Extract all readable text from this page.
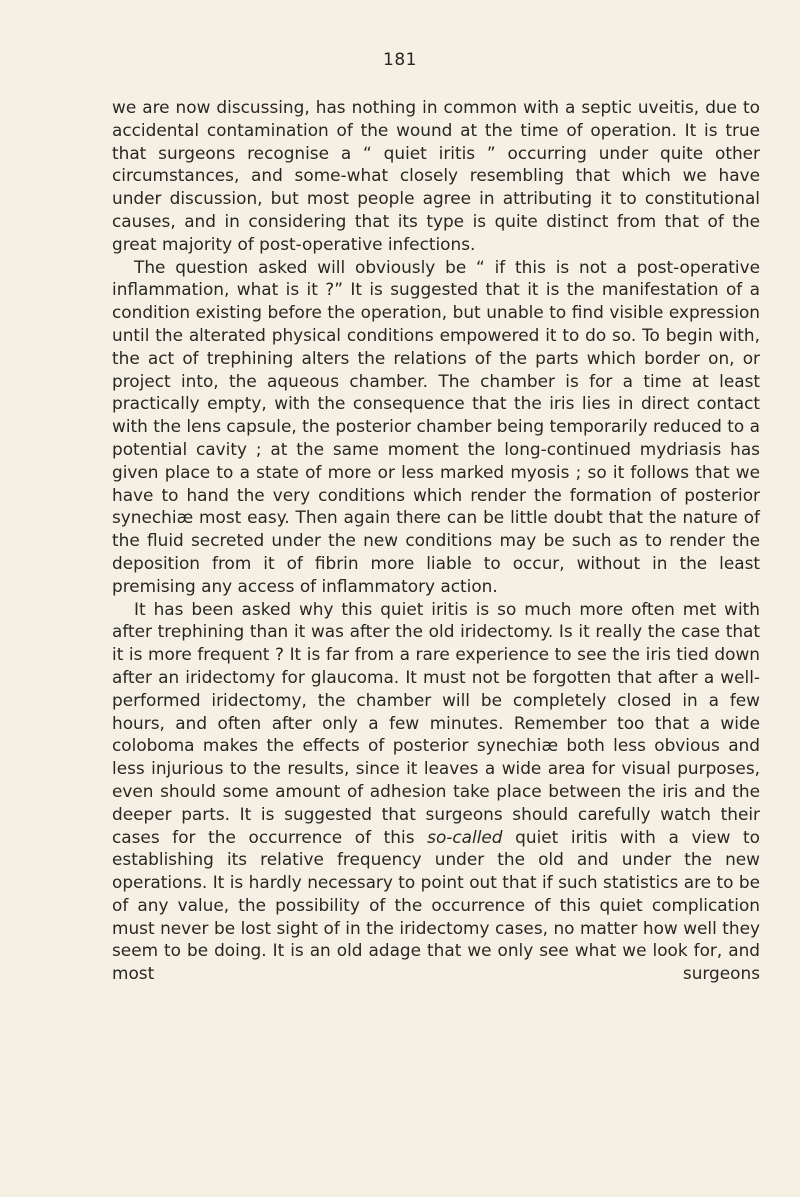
181

we are now discussing, has nothing in common with a septic uveitis, due to accidental contamination of the wound at the time of operation. It is true that surgeons recognise a “ quiet iritis ” occurring under quite other circumstances, and some-what closely resembling that which we have under discussion, but most people agree in attributing it to constitutional causes, and in considering that its type is quite distinct from that of the great majority of post-operative infections.

The question asked will obviously be “ if this is not a post-operative inflammation, what is it ?” It is suggested that it is the manifestation of a condition existing before the operation, but unable to find visible expression until the alterated physical conditions empowered it to do so. To begin with, the act of trephining alters the relations of the parts which border on, or project into, the aqueous chamber. The chamber is for a time at least practically empty, with the consequence that the iris lies in direct contact with the lens capsule, the posterior chamber being temporarily reduced to a potential cavity ; at the same moment the long-continued mydriasis has given place to a state of more or less marked myosis ; so it follows that we have to hand the very conditions which render the formation of posterior synechiæ most easy. Then again there can be little doubt that the nature of the fluid secreted under the new conditions may be such as to render the deposition from it of fibrin more liable to occur, without in the least premising any access of inflammatory action.

It has been asked why this quiet iritis is so much more often met with after trephining than it was after the old iridectomy. Is it really the case that it is more frequent ? It is far from a rare experience to see the iris tied down after an iridectomy for glaucoma. It must not be forgotten that after a well-performed iridectomy, the chamber will be completely closed in a few hours, and often after only a few minutes. Remember too that a wide coloboma makes the effects of posterior synechiæ both less obvious and less injurious to the results, since it leaves a wide area for visual purposes, even should some amount of adhesion take place between the iris and the deeper parts. It is suggested that surgeons should carefully watch their cases for the occurrence of this so-called quiet iritis with a view to establishing its relative frequency under the old and under the new operations. It is hardly necessary to point out that if such statistics are to be of any value, the possibility of the occurrence of this quiet complication must never be lost sight of in the iridectomy cases, no matter how well they seem to be doing. It is an old adage that we only see what we look for, and most surgeons
